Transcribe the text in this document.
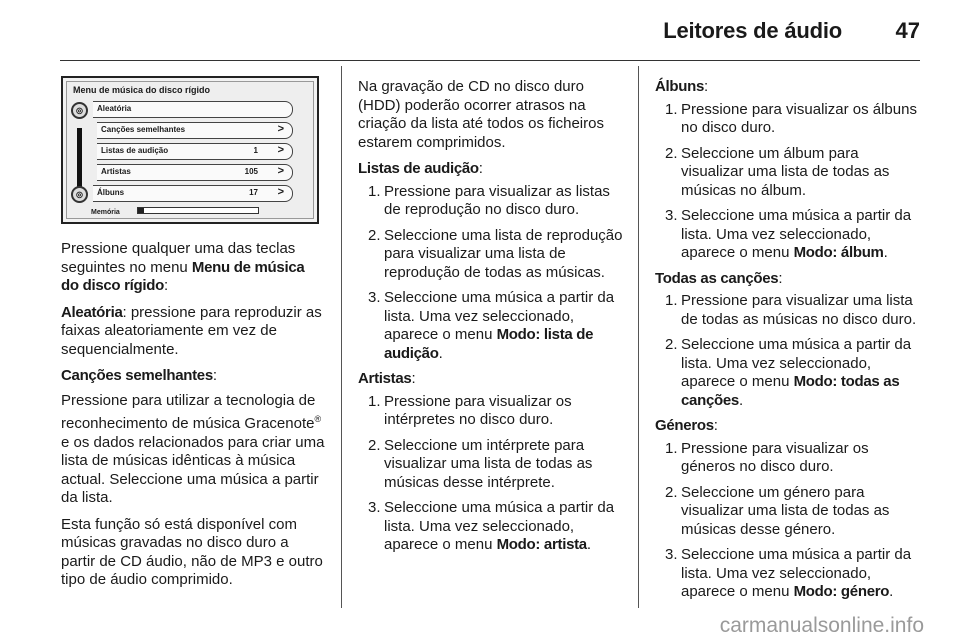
Leitores de áudio 47
Menu de música do disco rígido
◎
◎
Aleatória
Canções semelhantes	>
Listas de audição	1 >
Artistas	105 >
Álbuns	17 >
Memória

Pressione qualquer uma das teclas seguintes no menu Menu de música do disco rígido:

Aleatória: pressione para reproduzir as faixas aleatoriamente em vez de sequencialmente.

Canções semelhantes:

Pressione para utilizar a tecnologia de reconhecimento de música Gracenote® e os dados relacionados para criar uma lista de músicas idênticas à música actual. Seleccione uma música a partir da lista.

Esta função só está disponível com músicas gravadas no disco duro a partir de CD áudio, não de MP3 e outro tipo de áudio comprimido.

Na gravação de CD no disco duro (HDD) poderão ocorrer atrasos na criação da lista até todos os ficheiros estarem comprimidos.

Listas de audição:

1. Pressione para visualizar as listas de reprodução no disco duro.
2. Seleccione uma lista de reprodução para visualizar uma lista de reprodução de todas as músicas.
3. Seleccione uma música a partir da lista. Uma vez seleccionado, aparece o menu Modo: lista de audição.

Artistas:

1. Pressione para visualizar os intérpretes no disco duro.
2. Seleccione um intérprete para visualizar uma lista de todas as músicas desse intérprete.
3. Seleccione uma música a partir da lista. Uma vez seleccionado, aparece o menu Modo: artista.

Álbuns:

1. Pressione para visualizar os álbuns no disco duro.
2. Seleccione um álbum para visualizar uma lista de todas as músicas no álbum.
3. Seleccione uma música a partir da lista. Uma vez seleccionado, aparece o menu Modo: álbum.

Todas as canções:

1. Pressione para visualizar uma lista de todas as músicas no disco duro.
2. Seleccione uma música a partir da lista. Uma vez seleccionado, aparece o menu Modo: todas as canções.

Géneros:

1. Pressione para visualizar os géneros no disco duro.
2. Seleccione um género para visualizar uma lista de todas as músicas desse género.
3. Seleccione uma música a partir da lista. Uma vez seleccionado, aparece o menu Modo: género.
carmanualsonline.info
